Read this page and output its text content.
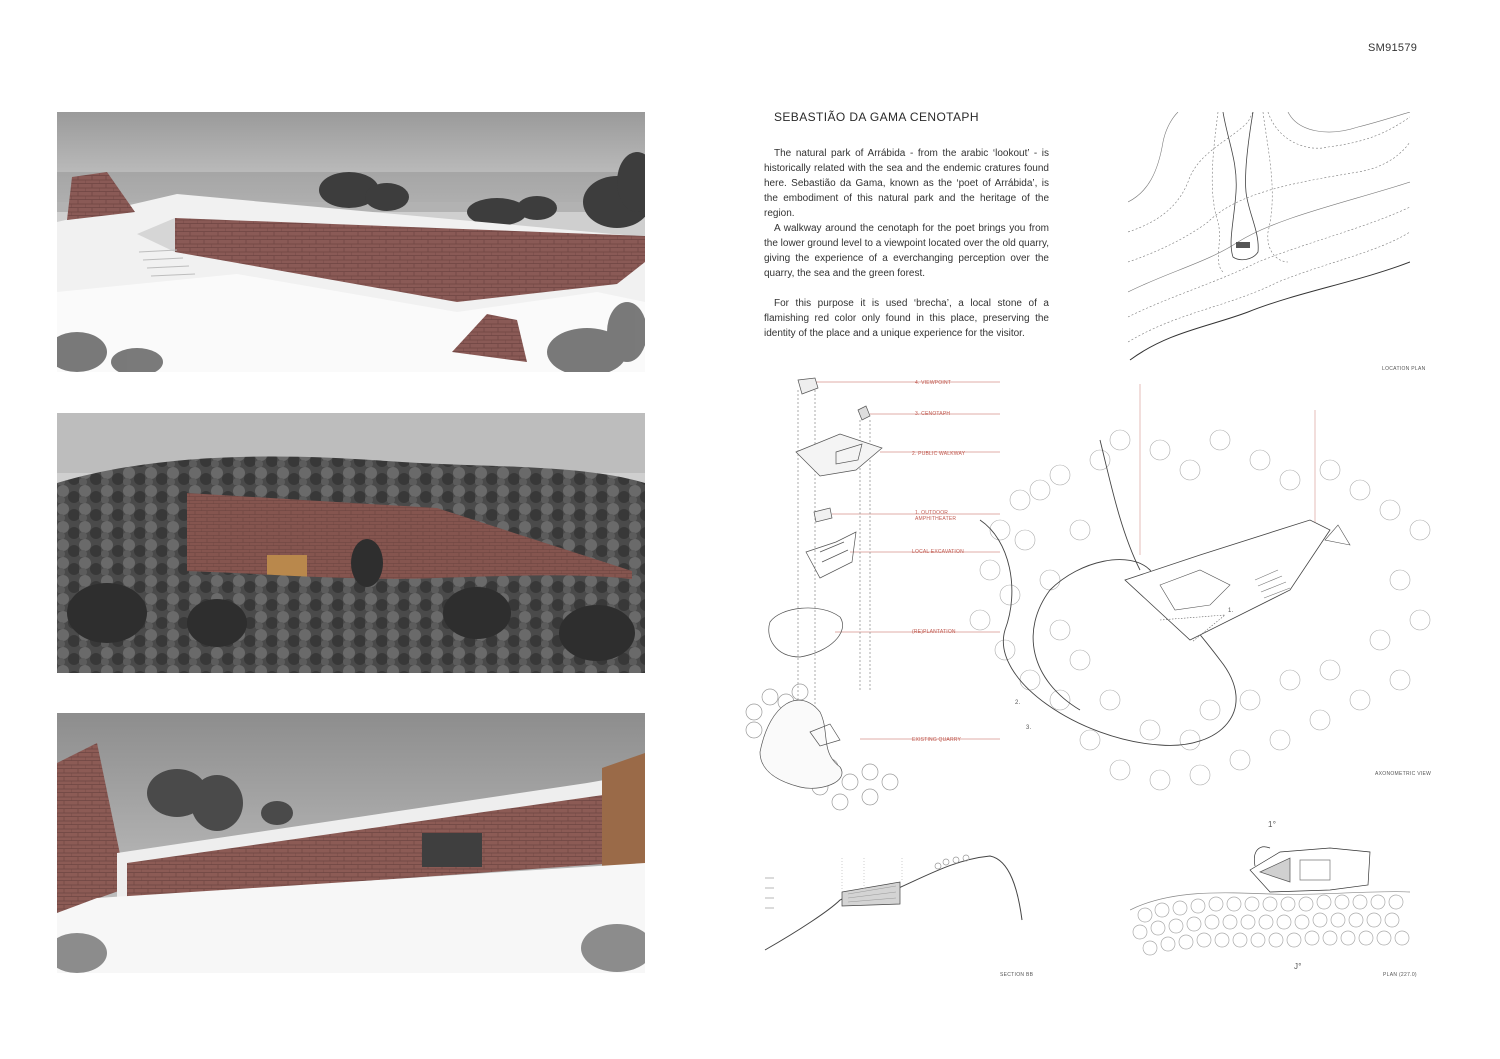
SM91579
SEBASTIÃO DA GAMA CENOTAPH
The natural park of Arrábida - from the arabic ‘lookout’ - is historically related with the sea and the endemic cratures found here. Sebastião da Gama, known as the ‘poet of Arrábida’, is the embodiment of this natural park and the heritage of the region.
A walkway around the cenotaph for the poet brings you from the lower ground level to a viewpoint located over the old quarry, giving the experience of a everchanging perception over the quarry, the sea and the green forest.
For this purpose it is used ‘brecha’, a local stone of a flamishing red color only found in this place, preserving the identity of the place and a unique experience for the visitor.
LOCATION PLAN
4. VIEWPOINT
3. CENOTAPH
2. PUBLIC WALKWAY
1. OUTDOOR AMPHITHEATER
LOCAL EXCAVATION
(RE)PLANTATION
EXISTING QUARRY
1.
2.
3.
AXONOMETRIC VIEW
SECTION BB
1°
J°
PLAN (227.0)
